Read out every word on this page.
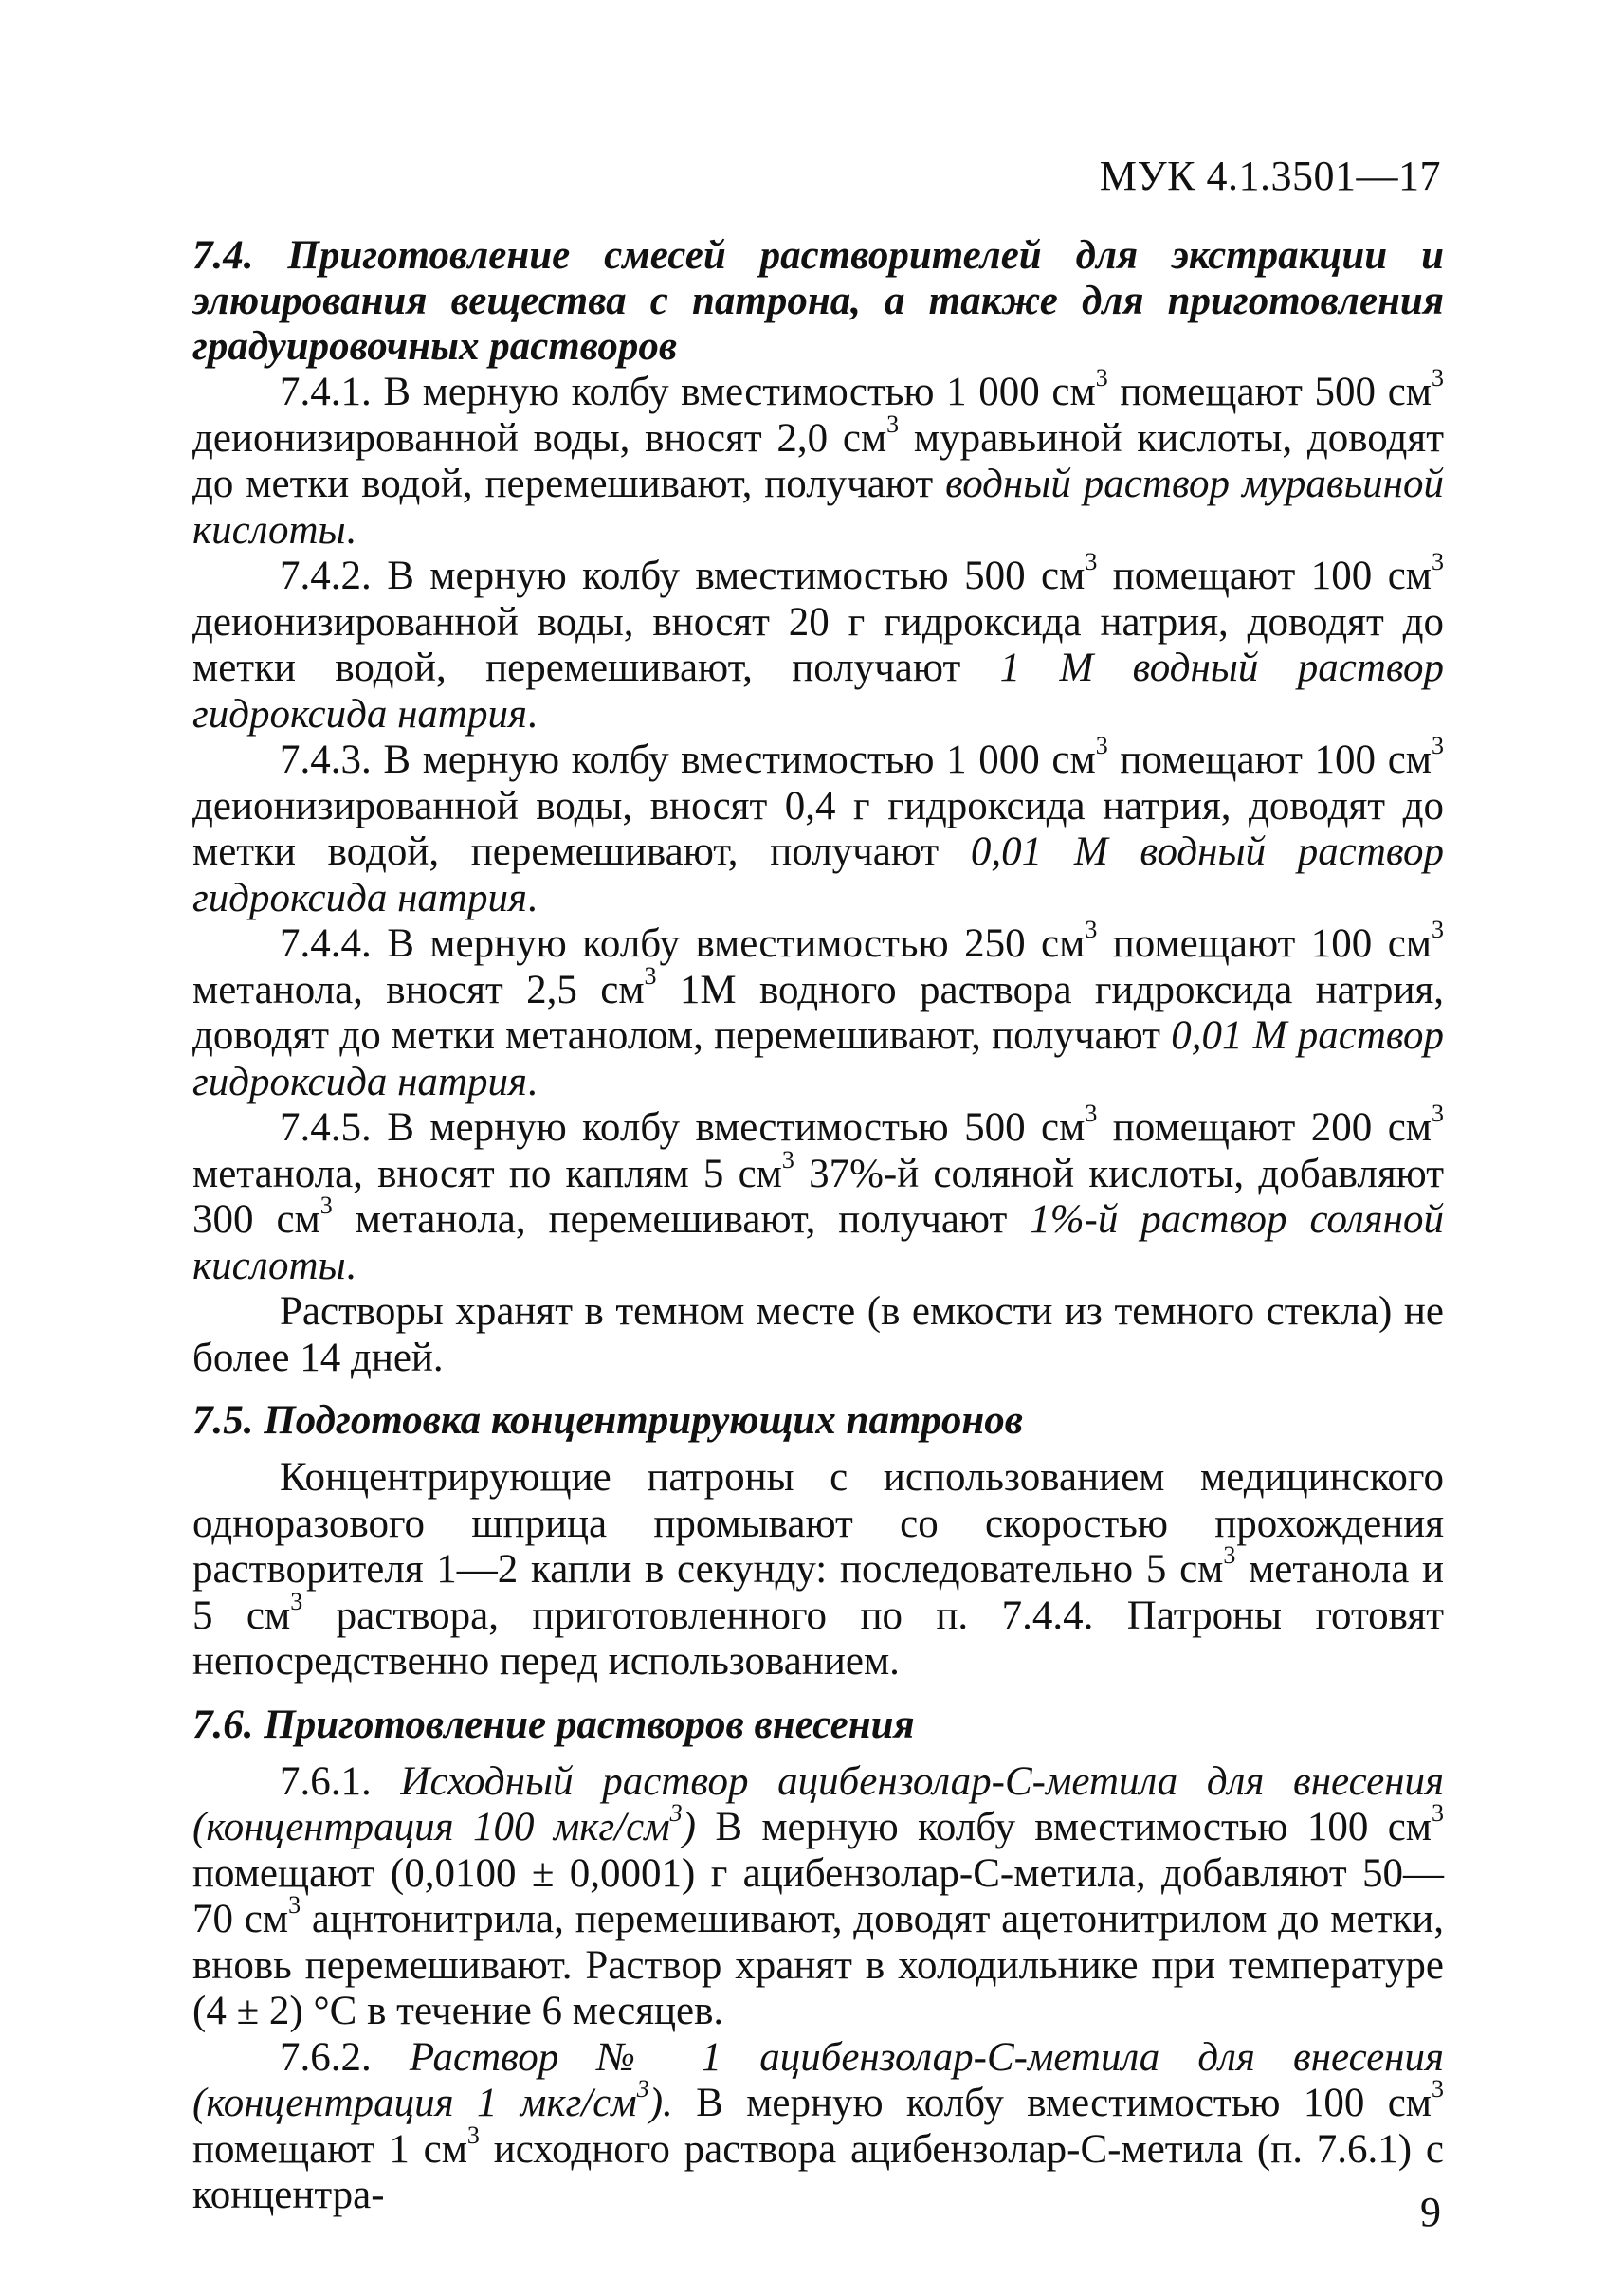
МУК 4.1.3501—17

7.4. Приготовление смесей растворителей для экстракции и элюирования вещества с патрона, а также для приготовления градуировочных растворов

7.4.1. В мерную колбу вместимостью 1 000 $см^3$ помещают 500 $см^3$ деионизированной воды, вносят 2,0 $см^3$ муравьиной кислоты, доводят до метки водой, перемешивают, получают водный раствор муравьиной кислоты.

7.4.2. В мерную колбу вместимостью 500 $см^3$ помещают 100 $см^3$ деионизированной воды, вносят 20 г гидроксида натрия, доводят до метки водой, перемешивают, получают 1 М водный раствор гидроксида натрия.

7.4.3. В мерную колбу вместимостью 1 000 $см^3$ помещают 100 $см^3$ деионизированной воды, вносят 0,4 г гидроксида натрия, доводят до метки водой, перемешивают, получают 0,01 М водный раствор гидроксида натрия.

7.4.4. В мерную колбу вместимостью 250 $см^3$ помещают 100 $см^3$ метанола, вносят 2,5 $см^3$ 1М водного раствора гидроксида натрия, доводят до метки метанолом, перемешивают, получают 0,01 М раствор гидроксида натрия.

7.4.5. В мерную колбу вместимостью 500 $см^3$ помещают 200 $см^3$ метанола, вносят по каплям 5 $см^3$ 37%-й соляной кислоты, добавляют 300 $см^3$ метанола, перемешивают, получают 1%-й раствор соляной кислоты.

Растворы хранят в темном месте (в емкости из темного стекла) не более 14 дней.

7.5. Подготовка концентрирующих патронов

Концентрирующие патроны с использованием медицинского одноразового шприца промывают со скоростью прохождения растворителя 1—2 капли в секунду: последовательно 5 $см^3$ метанола и 5 $см^3$ раствора, приготовленного по п. 7.4.4. Патроны готовят непосредственно перед использованием.

7.6. Приготовление растворов внесения

7.6.1. Исходный раствор ацибензолар-С-метила для внесения (концентрация 100 мкг/$см^3$) В мерную колбу вместимостью 100 $см^3$ помещают (0,0100 ± 0,0001) г ацибензолар-С-метила, добавляют 50—70 $см^3$ ацнтонитрила, перемешивают, доводят ацетонитрилом до метки, вновь перемешивают. Раствор хранят в холодильнике при температуре (4 ± 2) °С в течение 6 месяцев.

7.6.2. Раствор № 1 ацибензолар-С-метила для внесения (концентрация 1 мкг/$см^3$). В мерную колбу вместимостью 100 $см^3$ помещают 1 $см^3$ исходного раствора ацибензолар-С-метила (п. 7.6.1) с концентра-	9
